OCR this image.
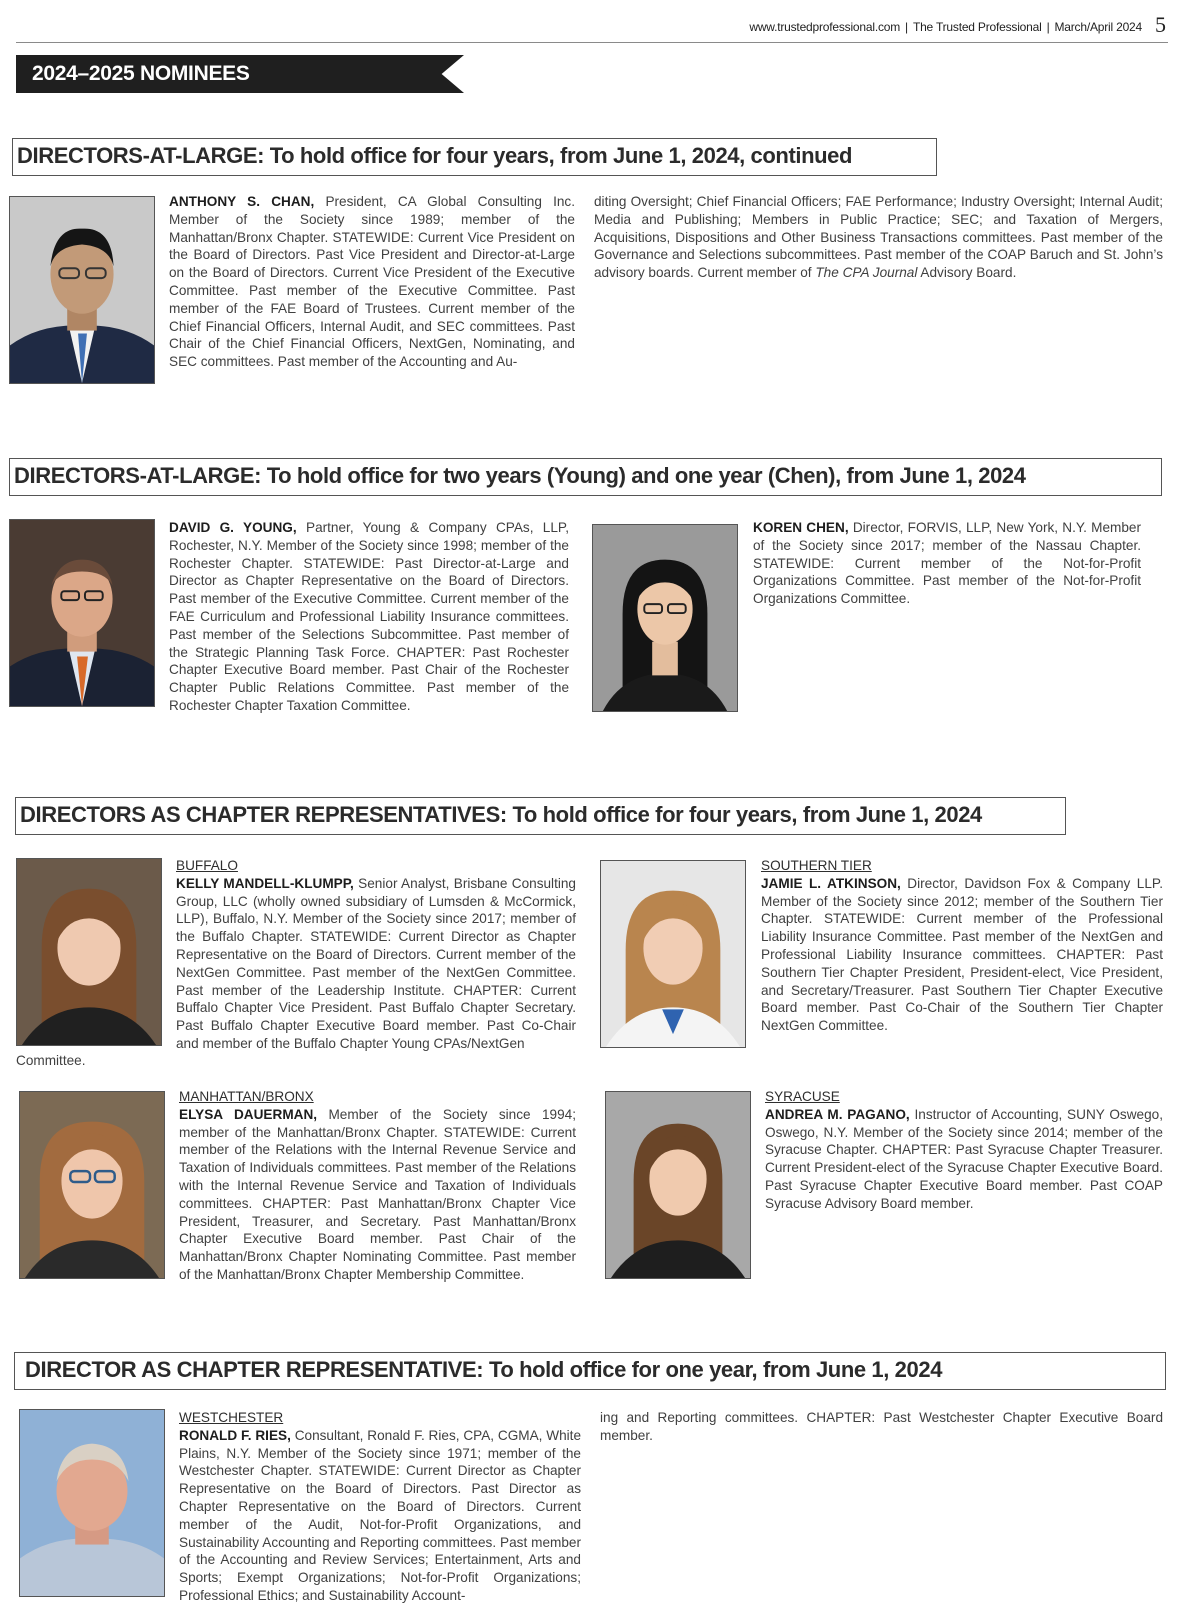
www.trustedprofessional.com | The Trusted Professional | March/April 2024 5
2024–2025 NOMINEES
DIRECTORS-AT-LARGE: To hold office for four years, from June 1, 2024, continued
ANTHONY S. CHAN, President, CA Global Consulting Inc. Member of the Society since 1989; member of the Manhattan/Bronx Chapter. STATEWIDE: Current Vice President on the Board of Directors. Past Vice President and Director-at-Large on the Board of Directors. Current Vice President of the Executive Committee. Past member of the Executive Committee. Past member of the FAE Board of Trustees. Current member of the Chief Financial Officers, Internal Audit, and SEC committees. Past Chair of the Chief Financial Officers, NextGen, Nominating, and SEC committees. Past member of the Accounting and Au-
diting Oversight; Chief Financial Officers; FAE Performance; Industry Oversight; Internal Audit; Media and Publishing; Members in Public Practice; SEC; and Taxation of Mergers, Acquisitions, Dispositions and Other Business Transactions committees. Past member of the Governance and Selections subcommittees. Past member of the COAP Baruch and St. John’s advisory boards. Current member of The CPA Journal Advisory Board.
DIRECTORS-AT-LARGE: To hold office for two years (Young) and one year (Chen), from June 1, 2024
DAVID G. YOUNG, Partner, Young & Company CPAs, LLP, Rochester, N.Y. Member of the Society since 1998; member of the Rochester Chapter. STATEWIDE: Past Director-at-Large and Director as Chapter Representative on the Board of Directors. Past member of the Executive Committee. Current member of the FAE Curriculum and Professional Liability Insurance committees. Past member of the Selections Subcommittee. Past member of the Strategic Planning Task Force. CHAPTER: Past Rochester Chapter Executive Board member. Past Chair of the Rochester Chapter Public Relations Committee. Past member of the Rochester Chapter Taxation Committee.
KOREN CHEN, Director, FORVIS, LLP, New York, N.Y. Member of the Society since 2017; member of the Nassau Chapter. STATEWIDE: Current member of the Not-for-Profit Organizations Committee. Past member of the Not-for-Profit Organizations Committee.
DIRECTORS AS CHAPTER REPRESENTATIVES: To hold office for four years, from June 1, 2024
BUFFALO
KELLY MANDELL-KLUMPP, Senior Analyst, Brisbane Consulting Group, LLC (wholly owned subsidiary of Lumsden & McCormick, LLP), Buffalo, N.Y. Member of the Society since 2017; member of the Buffalo Chapter. STATEWIDE: Current Director as Chapter Representative on the Board of Directors. Current member of the NextGen Committee. Past member of the NextGen Committee. Past member of the Leadership Institute. CHAPTER: Current Buffalo Chapter Vice President. Past Buffalo Chapter Secretary. Past Buffalo Chapter Executive Board member. Past Co-Chair and member of the Buffalo Chapter Young CPAs/NextGen
Committee.
SOUTHERN TIER
JAMIE L. ATKINSON, Director, Davidson Fox & Company LLP. Member of the Society since 2012; member of the Southern Tier Chapter. STATEWIDE: Current member of the Professional Liability Insurance Committee. Past member of the NextGen and Professional Liability Insurance committees. CHAPTER: Past Southern Tier Chapter President, President-elect, Vice President, and Secretary/Treasurer. Past Southern Tier Chapter Executive Board member. Past Co-Chair of the Southern Tier Chapter NextGen Committee.
MANHATTAN/BRONX
ELYSA DAUERMAN, Member of the Society since 1994; member of the Manhattan/Bronx Chapter. STATEWIDE: Current member of the Relations with the Internal Revenue Service and Taxation of Individuals committees. Past member of the Relations with the Internal Revenue Service and Taxation of Individuals committees. CHAPTER: Past Manhattan/Bronx Chapter Vice President, Treasurer, and Secretary. Past Manhattan/Bronx Chapter Executive Board member. Past Chair of the Manhattan/Bronx Chapter Nominating Committee. Past member of the Manhattan/Bronx Chapter Membership Committee.
SYRACUSE
ANDREA M. PAGANO, Instructor of Accounting, SUNY Oswego, Oswego, N.Y. Member of the Society since 2014; member of the Syracuse Chapter. CHAPTER: Past Syracuse Chapter Treasurer. Current President-elect of the Syracuse Chapter Executive Board. Past Syracuse Chapter Executive Board member. Past COAP Syracuse Advisory Board member.
DIRECTOR AS CHAPTER REPRESENTATIVE: To hold office for one year, from June 1, 2024
WESTCHESTER
RONALD F. RIES, Consultant, Ronald F. Ries, CPA, CGMA, White Plains, N.Y. Member of the Society since 1971; member of the Westchester Chapter. STATEWIDE: Current Director as Chapter Representative on the Board of Directors. Past Director as Chapter Representative on the Board of Directors. Current member of the Audit, Not-for-Profit Organizations, and Sustainability Accounting and Reporting committees. Past member of the Accounting and Review Services; Entertainment, Arts and Sports; Exempt Organizations; Not-for-Profit Organizations; Professional Ethics; and Sustainability Account-
ing and Reporting committees. CHAPTER: Past Westchester Chapter Executive Board member.
